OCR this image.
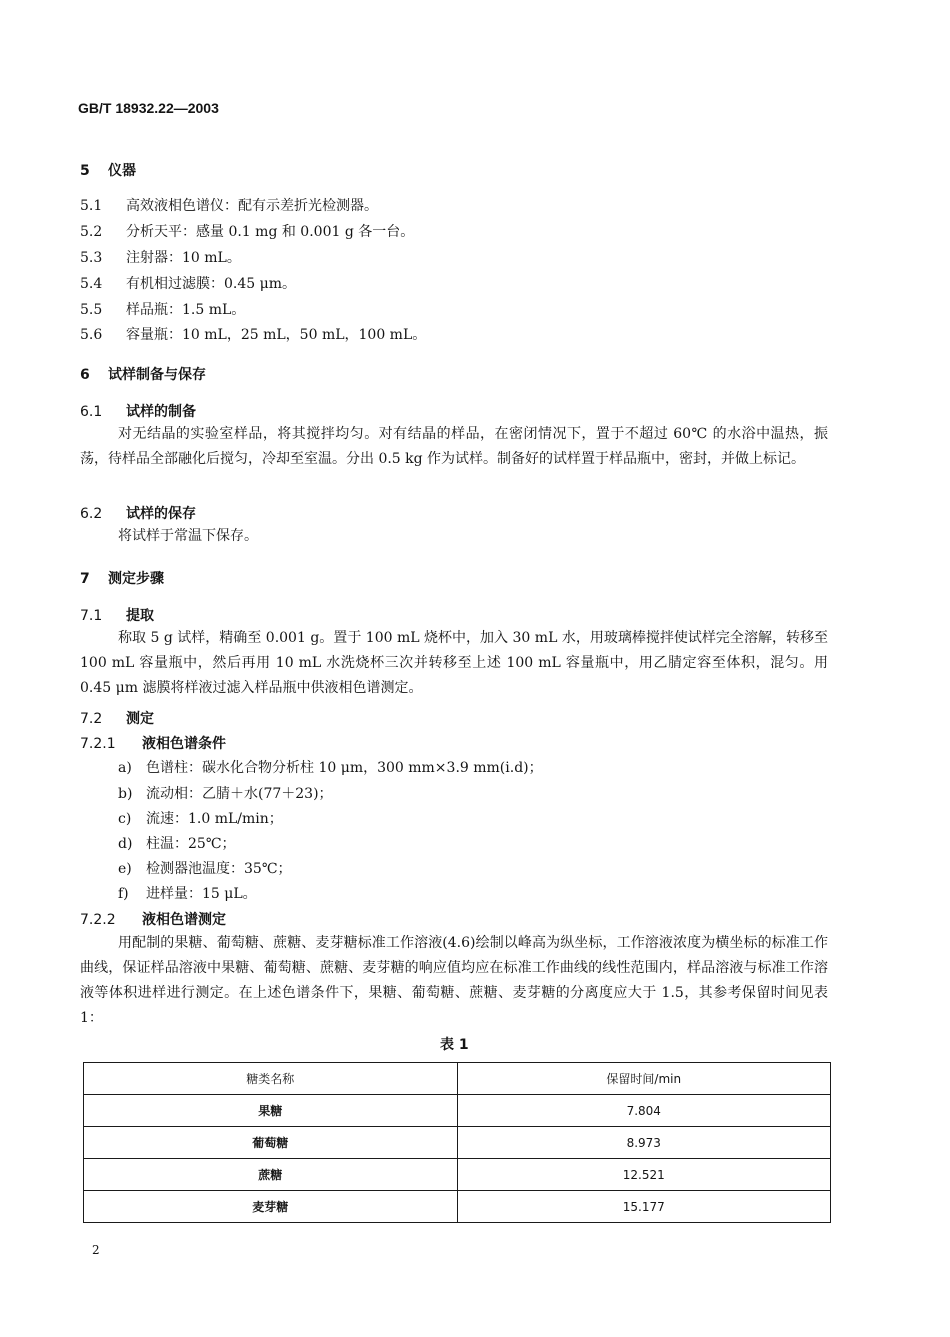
GB/T 18932.22—2003
5 仪器
5.1 高效液相色谱仪：配有示差折光检测器。
5.2 分析天平：感量 0.1 mg 和 0.001 g 各一台。
5.3 注射器：10 mL。
5.4 有机相过滤膜：0.45 μm。
5.5 样品瓶：1.5 mL。
5.6 容量瓶：10 mL，25 mL，50 mL，100 mL。
6 试样制备与保存
6.1 试样的制备
对无结晶的实验室样品，将其搅拌均匀。对有结晶的样品，在密闭情况下，置于不超过 60℃ 的水浴中温热，振荡，待样品全部融化后搅匀，冷却至室温。分出 0.5 kg 作为试样。制备好的试样置于样品瓶中，密封，并做上标记。
6.2 试样的保存
将试样于常温下保存。
7 测定步骤
7.1 提取
称取 5 g 试样，精确至 0.001 g。置于 100 mL 烧杯中，加入 30 mL 水，用玻璃棒搅拌使试样完全溶解，转移至 100 mL 容量瓶中，然后再用 10 mL 水洗烧杯三次并转移至上述 100 mL 容量瓶中，用乙腈定容至体积，混匀。用 0.45 μm 滤膜将样液过滤入样品瓶中供液相色谱测定。
7.2 测定
7.2.1 液相色谱条件
a) 色谱柱：碳水化合物分析柱 10 μm，300 mm×3.9 mm(i.d)；
b) 流动相：乙腈＋水(77＋23)；
c) 流速：1.0 mL/min；
d) 柱温：25℃；
e) 检测器池温度：35℃；
f) 进样量：15 μL。
7.2.2 液相色谱测定
用配制的果糖、葡萄糖、蔗糖、麦芽糖标准工作溶液(4.6)绘制以峰高为纵坐标，工作溶液浓度为横坐标的标准工作曲线，保证样品溶液中果糖、葡萄糖、蔗糖、麦芽糖的响应值均应在标准工作曲线的线性范围内，样品溶液与标准工作溶液等体积进样进行测定。在上述色谱条件下，果糖、葡萄糖、蔗糖、麦芽糖的分离度应大于 1.5，其参考保留时间见表 1：
表 1
糖类名称	保留时间/min
果糖	7.804
葡萄糖	8.973
蔗糖	12.521
麦芽糖	15.177
2
